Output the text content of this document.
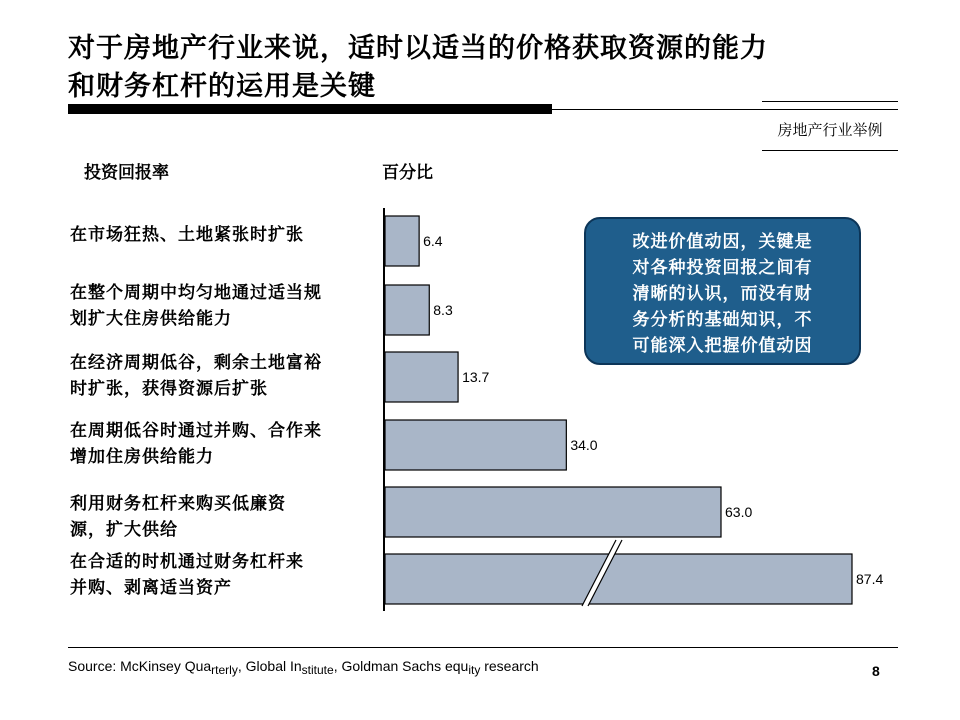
对于房地产行业来说，适时以适当的价格获取资源的能力
和财务杠杆的运用是关键
房地产行业举例
投资回报率	百分比
在市场狂热、土地紧张时扩张
在整个周期中均匀地通过适当规
划扩大住房供给能力
在经济周期低谷，剩余土地富裕
时扩张，获得资源后扩张
在周期低谷时通过并购、合作来
增加住房供给能力
利用财务杠杆来购买低廉资
源，扩大供给
在合适的时机通过财务杠杆来
并购、剥离适当资产
6.4
8.3
13.7
34.0
63.0
87.4
改进价值动因，关键是
对各种投资回报之间有
清晰的认识，而没有财
务分析的基础知识，不
可能深入把握价值动因
Source: McKinsey Quarterly, Global Institute, Goldman Sachs equity research	8
